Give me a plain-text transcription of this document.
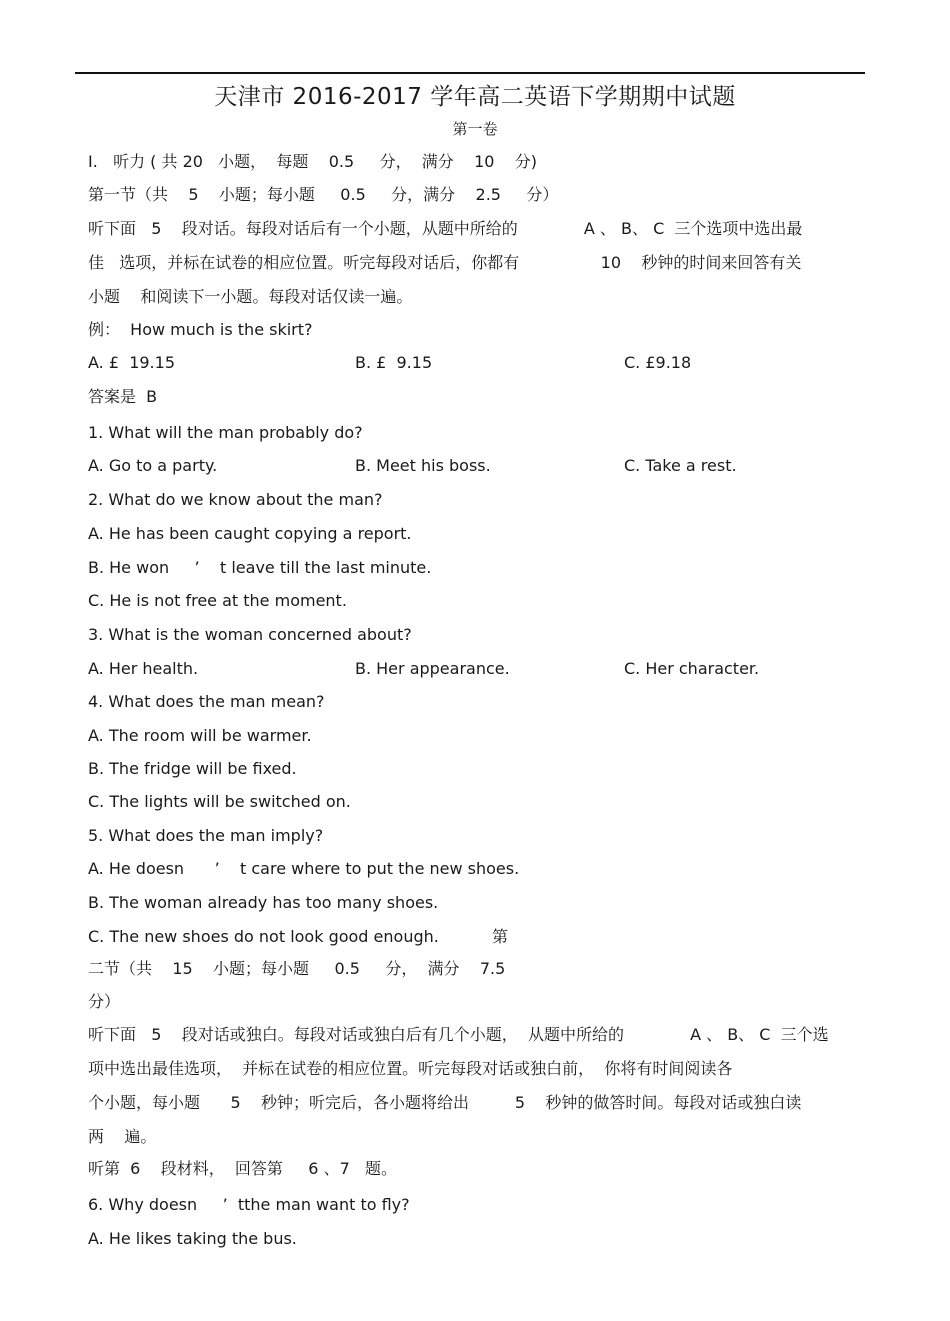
天津市 2016-2017 学年高二英语下学期期中试题
第一卷
I.   听力 ( 共 20   小题，  每题    0.5     分，  满分    10    分)
第一节（共    5    小题；每小题     0.5     分，满分    2.5     分）
听下面   5    段对话。每段对话后有一个小题，从题中所给的             A 、 B、 C  三个选项中选出最
佳   选项，并标在试卷的相应位置。听完每段对话后，你都有                10    秒钟的时间来回答有关
小题    和阅读下一小题。每段对话仅读一遍。
例：  How much is the skirt?
A. £  19.15	B. £  9.15	C. £9.18
答案是  B
1. What will the man probably do?
A. Go to a party.	B. Meet his boss.	C. Take a rest.
2. What do we know about the man?
A. He has been caught copying a report.
B. He won     ’    t leave till the last minute.
C. He is not free at the moment.
3. What is the woman concerned about?
A. Her health.	B. Her appearance.	C. Her character.
4. What does the man mean?
A. The room will be warmer.
B. The fridge will be fixed.
C. The lights will be switched on.
5. What does the man imply?
A. He doesn      ’    t care where to put the new shoes.
B. The woman already has too many shoes.
C. The new shoes do not look good enough.	第
二节（共    15    小题；每小题     0.5     分，  满分    7.5
分）
听下面   5    段对话或独白。每段对话或独白后有几个小题，  从题中所给的             A 、 B、 C  三个选
项中选出最佳选项，  并标在试卷的相应位置。听完每段对话或独白前，  你将有时间阅读各
个小题，每小题      5    秒钟；听完后，各小题将给出         5    秒钟的做答时间。每段对话或独白读
两    遍。
听第  6    段材料，  回答第     6 、7   题。
6. Why doesn     ’  tthe man want to fly?
A. He likes taking the bus.
